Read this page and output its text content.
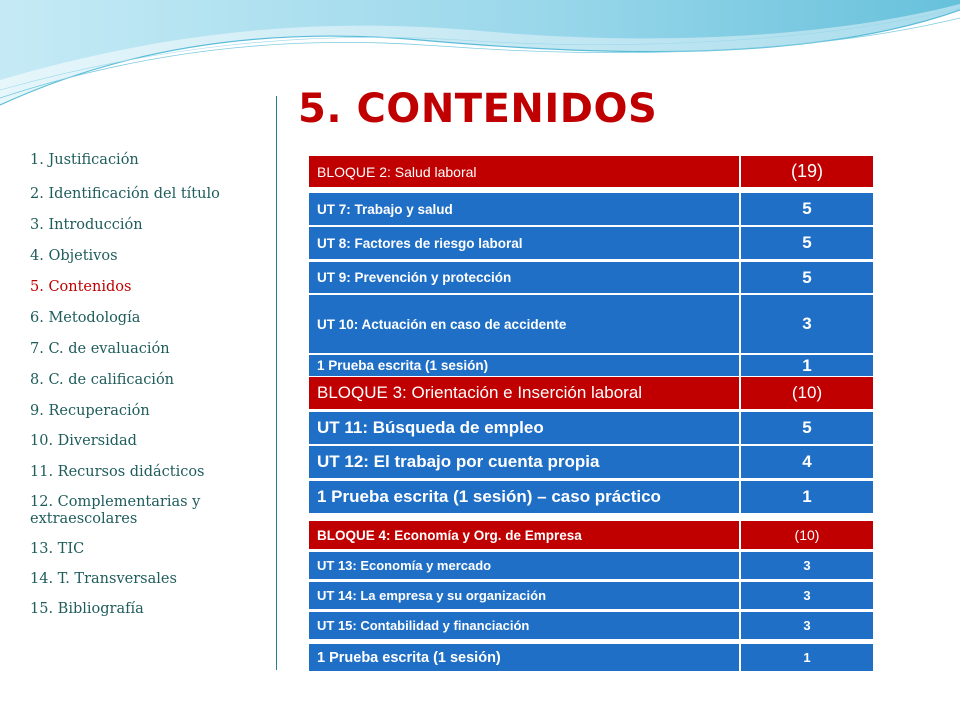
5. CONTENIDOS
1. Justificación
2. Identificación del título
3. Introducción
4. Objetivos
5. Contenidos
6. Metodología
7. C. de evaluación
8. C. de calificación
9. Recuperación
10. Diversidad
11. Recursos didácticos
12. Complementarias y extraescolares
13. TIC
14. T. Transversales
15. Bibliografía
BLOQUE 2: Salud laboral	(19)
UT 7: Trabajo y salud	5
UT 8: Factores de riesgo laboral	5
UT 9: Prevención y protección	5
UT 10: Actuación en caso de accidente	3
1 Prueba escrita (1 sesión)	1
BLOQUE 3: Orientación e Inserción laboral	(10)
UT 11: Búsqueda de empleo	5
UT 12: El trabajo por cuenta propia	4
1 Prueba escrita (1 sesión) – caso práctico	1
BLOQUE 4: Economía y Org. de Empresa	(10)
UT 13: Economía y mercado	3
UT 14: La empresa y su organización	3
UT 15: Contabilidad y financiación	3
1 Prueba escrita (1 sesión)	1
